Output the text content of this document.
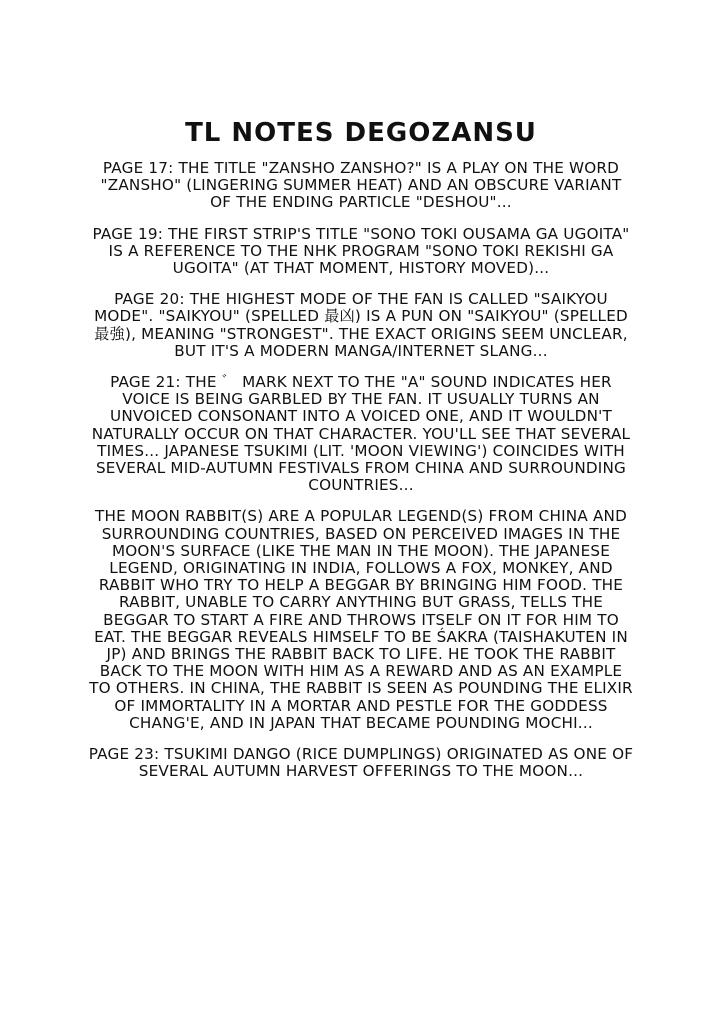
TL NOTES DEGOZANSU

PAGE 17: THE TITLE "ZANSHO ZANSHO?" IS A PLAY ON THE WORD "ZANSHO" (LINGERING SUMMER HEAT) AND AN OBSCURE VARIANT OF THE ENDING PARTICLE "DESHOU"...

PAGE 19: THE FIRST STRIP'S TITLE "SONO TOKI OUSAMA GA UGOITA" IS A REFERENCE TO THE NHK PROGRAM "SONO TOKI REKISHI GA UGOITA" (AT THAT MOMENT, HISTORY MOVED)...

PAGE 20: THE HIGHEST MODE OF THE FAN IS CALLED "SAIKYOU MODE". "SAIKYOU" (SPELLED 最凶) IS A PUN ON "SAIKYOU" (SPELLED 最強), MEANING "STRONGEST". THE EXACT ORIGINS SEEM UNCLEAR, BUT IT'S A MODERN MANGA/INTERNET SLANG...

PAGE 21: THE ゛ MARK NEXT TO THE "A" SOUND INDICATES HER VOICE IS BEING GARBLED BY THE FAN. IT USUALLY TURNS AN UNVOICED CONSONANT INTO A VOICED ONE, AND IT WOULDN'T NATURALLY OCCUR ON THAT CHARACTER. YOU'LL SEE THAT SEVERAL TIMES... JAPANESE TSUKIMI (LIT. 'MOON VIEWING') COINCIDES WITH SEVERAL MID-AUTUMN FESTIVALS FROM CHINA AND SURROUNDING COUNTRIES...

THE MOON RABBIT(S) ARE A POPULAR LEGEND(S) FROM CHINA AND SURROUNDING COUNTRIES, BASED ON PERCEIVED IMAGES IN THE MOON'S SURFACE (LIKE THE MAN IN THE MOON). THE JAPANESE LEGEND, ORIGINATING IN INDIA, FOLLOWS A FOX, MONKEY, AND RABBIT WHO TRY TO HELP A BEGGAR BY BRINGING HIM FOOD. THE RABBIT, UNABLE TO CARRY ANYTHING BUT GRASS, TELLS THE BEGGAR TO START A FIRE AND THROWS ITSELF ON IT FOR HIM TO EAT. THE BEGGAR REVEALS HIMSELF TO BE ŚAKRA (TAISHAKUTEN IN JP) AND BRINGS THE RABBIT BACK TO LIFE. HE TOOK THE RABBIT BACK TO THE MOON WITH HIM AS A REWARD AND AS AN EXAMPLE TO OTHERS. IN CHINA, THE RABBIT IS SEEN AS POUNDING THE ELIXIR OF IMMORTALITY IN A MORTAR AND PESTLE FOR THE GODDESS CHANG'E, AND IN JAPAN THAT BECAME POUNDING MOCHI...

PAGE 23: TSUKIMI DANGO (RICE DUMPLINGS) ORIGINATED AS ONE OF SEVERAL AUTUMN HARVEST OFFERINGS TO THE MOON...
